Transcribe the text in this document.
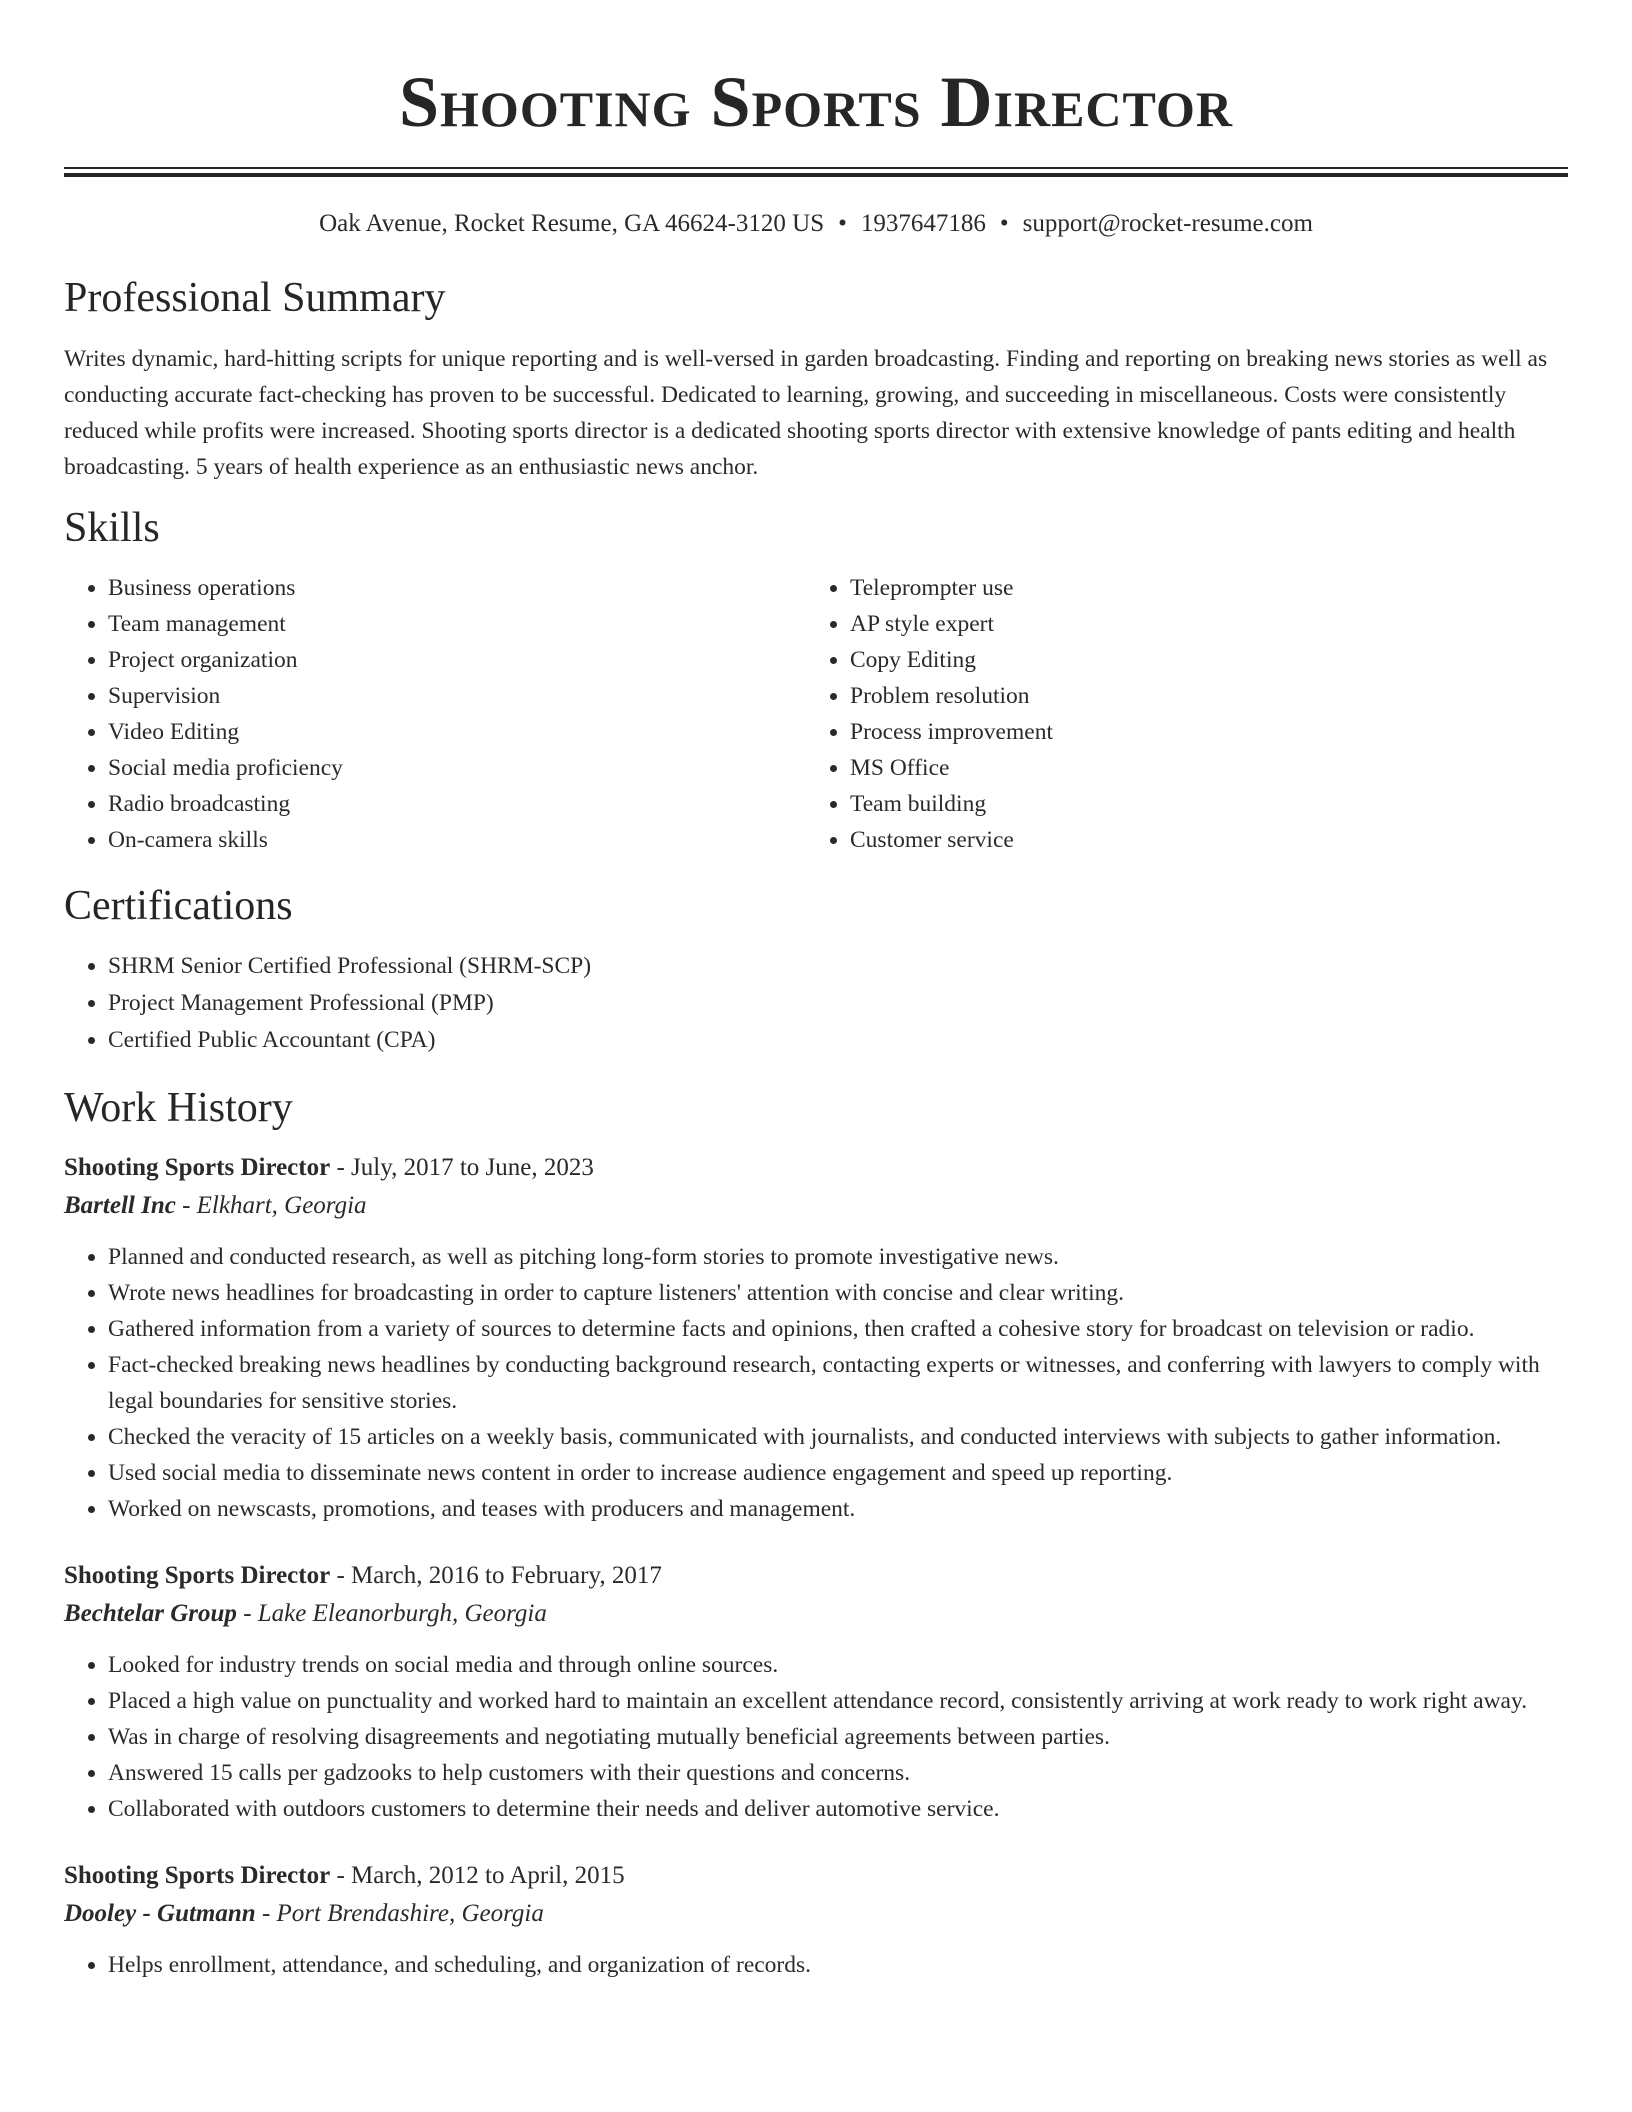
Shooting Sports Director
Oak Avenue, Rocket Resume, GA 46624-3120 US • 1937647186 • support@rocket-resume.com
Professional Summary
Writes dynamic, hard-hitting scripts for unique reporting and is well-versed in garden broadcasting. Finding and reporting on breaking news stories as well as conducting accurate fact-checking has proven to be successful. Dedicated to learning, growing, and succeeding in miscellaneous. Costs were consistently reduced while profits were increased. Shooting sports director is a dedicated shooting sports director with extensive knowledge of pants editing and health broadcasting. 5 years of health experience as an enthusiastic news anchor.
Skills
• Business operations
• Team management
• Project organization
• Supervision
• Video Editing
• Social media proficiency
• Radio broadcasting
• On-camera skills
• Teleprompter use
• AP style expert
• Copy Editing
• Problem resolution
• Process improvement
• MS Office
• Team building
• Customer service
Certifications
• SHRM Senior Certified Professional (SHRM-SCP)
• Project Management Professional (PMP)
• Certified Public Accountant (CPA)
Work History
Shooting Sports Director - July, 2017 to June, 2023
Bartell Inc - Elkhart, Georgia
• Planned and conducted research, as well as pitching long-form stories to promote investigative news.
• Wrote news headlines for broadcasting in order to capture listeners' attention with concise and clear writing.
• Gathered information from a variety of sources to determine facts and opinions, then crafted a cohesive story for broadcast on television or radio.
• Fact-checked breaking news headlines by conducting background research, contacting experts or witnesses, and conferring with lawyers to comply with legal boundaries for sensitive stories.
• Checked the veracity of 15 articles on a weekly basis, communicated with journalists, and conducted interviews with subjects to gather information.
• Used social media to disseminate news content in order to increase audience engagement and speed up reporting.
• Worked on newscasts, promotions, and teases with producers and management.
Shooting Sports Director - March, 2016 to February, 2017
Bechtelar Group - Lake Eleanorburgh, Georgia
• Looked for industry trends on social media and through online sources.
• Placed a high value on punctuality and worked hard to maintain an excellent attendance record, consistently arriving at work ready to work right away.
• Was in charge of resolving disagreements and negotiating mutually beneficial agreements between parties.
• Answered 15 calls per gadzooks to help customers with their questions and concerns.
• Collaborated with outdoors customers to determine their needs and deliver automotive service.
Shooting Sports Director - March, 2012 to April, 2015
Dooley - Gutmann - Port Brendashire, Georgia
• Helps enrollment, attendance, and scheduling, and organization of records.
